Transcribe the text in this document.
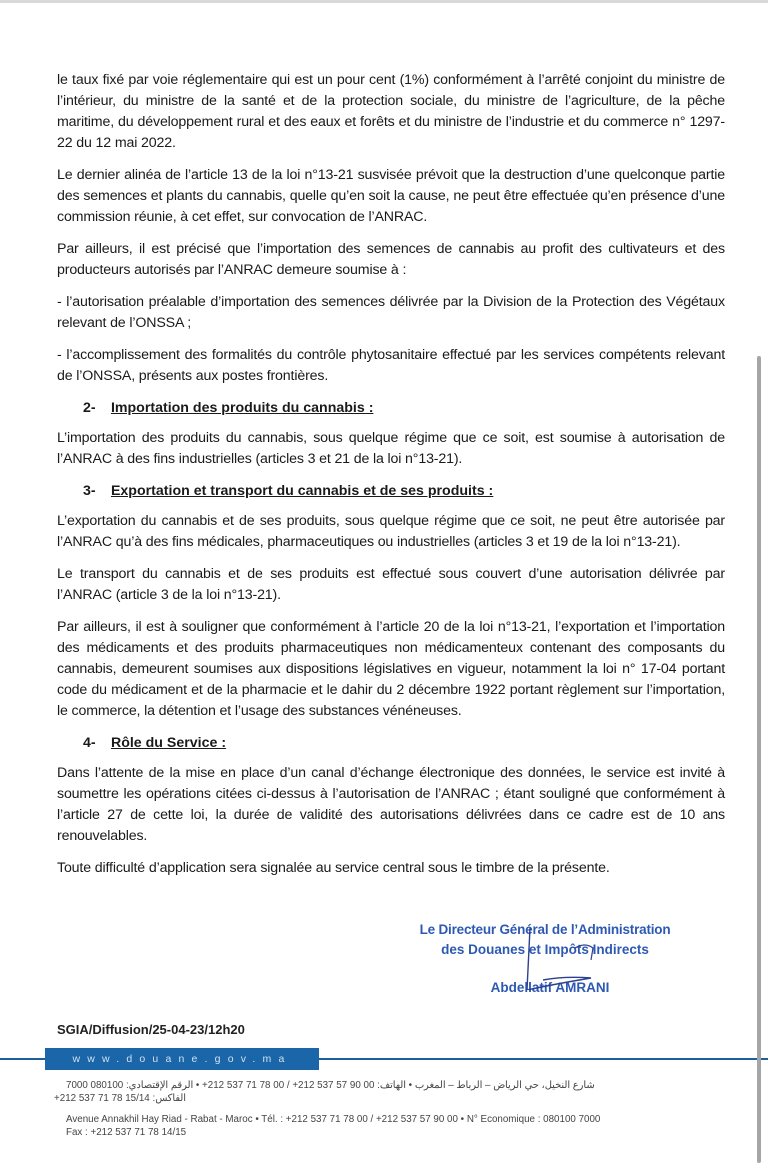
le taux fixé par voie réglementaire qui est un pour cent (1%) conformément à l’arrêté conjoint du ministre de l’intérieur, du ministre de la santé et de la protection sociale, du ministre de l’agriculture, de la pêche maritime, du développement rural et des eaux et forêts et du ministre de l’industrie et du commerce n° 1297-22 du 12 mai 2022.

Le dernier alinéa de l’article 13 de la loi n°13-21 susvisée prévoit que la destruction d’une quelconque partie des semences et plants du cannabis, quelle qu’en soit la cause, ne peut être effectuée qu’en présence d’une commission réunie, à cet effet, sur convocation de l’ANRAC.

Par ailleurs, il est précisé que l’importation des semences de cannabis au profit des cultivateurs et des producteurs autorisés par l’ANRAC demeure soumise à :

- l’autorisation préalable d’importation des semences délivrée par la Division de la Protection des Végétaux relevant de l’ONSSA ;

- l’accomplissement des formalités du contrôle phytosanitaire effectué par les services compétents relevant de l’ONSSA, présents aux postes frontières.

2- Importation des produits du cannabis :

L’importation des produits du cannabis, sous quelque régime que ce soit, est soumise à autorisation de l’ANRAC à des fins industrielles (articles 3 et 21 de la loi n°13-21).

3- Exportation et transport du cannabis et de ses produits :

L’exportation du cannabis et de ses produits, sous quelque régime que ce soit, ne peut être autorisée par l’ANRAC qu’à des fins médicales, pharmaceutiques ou industrielles (articles 3 et 19 de la loi n°13-21).

Le transport du cannabis et de ses produits est effectué sous couvert d’une autorisation délivrée par l’ANRAC (article 3 de la loi n°13-21).

Par ailleurs, il est à souligner que conformément à l’article 20 de la loi n°13-21, l’exportation et l’importation des médicaments et des produits pharmaceutiques non médicamenteux contenant des composants du cannabis, demeurent soumises aux dispositions législatives en vigueur, notamment la loi n° 17-04 portant code du médicament et de la pharmacie et le dahir du 2 décembre 1922 portant règlement sur l’importation, le commerce, la détention et l’usage des substances vénéneuses.

4- Rôle du Service :

Dans l’attente de la mise en place d’un canal d’échange électronique des données, le service est invité à soumettre les opérations citées ci-dessus à l’autorisation de l’ANRAC ; étant souligné que conformément à l’article 27 de cette loi, la durée de validité des autorisations délivrées dans ce cadre est de 10 ans renouvelables.

Toute difficulté d’application sera signalée au service central sous le timbre de la présente.

Le Directeur Général de l’Administration
des Douanes et Impôts Indirects
Abdellatif AMRANI
SGIA/Diffusion/25-04-23/12h20
www.douane.gov.ma
شارع النخيل، حي الرياض – الرباط – المغرب • الهاتف: 00 90 57 537 212+ / 00 78 71 537 212+ • الرقم الإقتصادي: 080100 7000
الفاكس: 15/14 78 71 537 212+
Avenue Annakhil Hay Riad - Rabat - Maroc • Tél. : +212 537 71 78 00 / +212 537 57 90 00 • N° Economique : 080100 7000
Fax : +212 537 71 78 14/15
